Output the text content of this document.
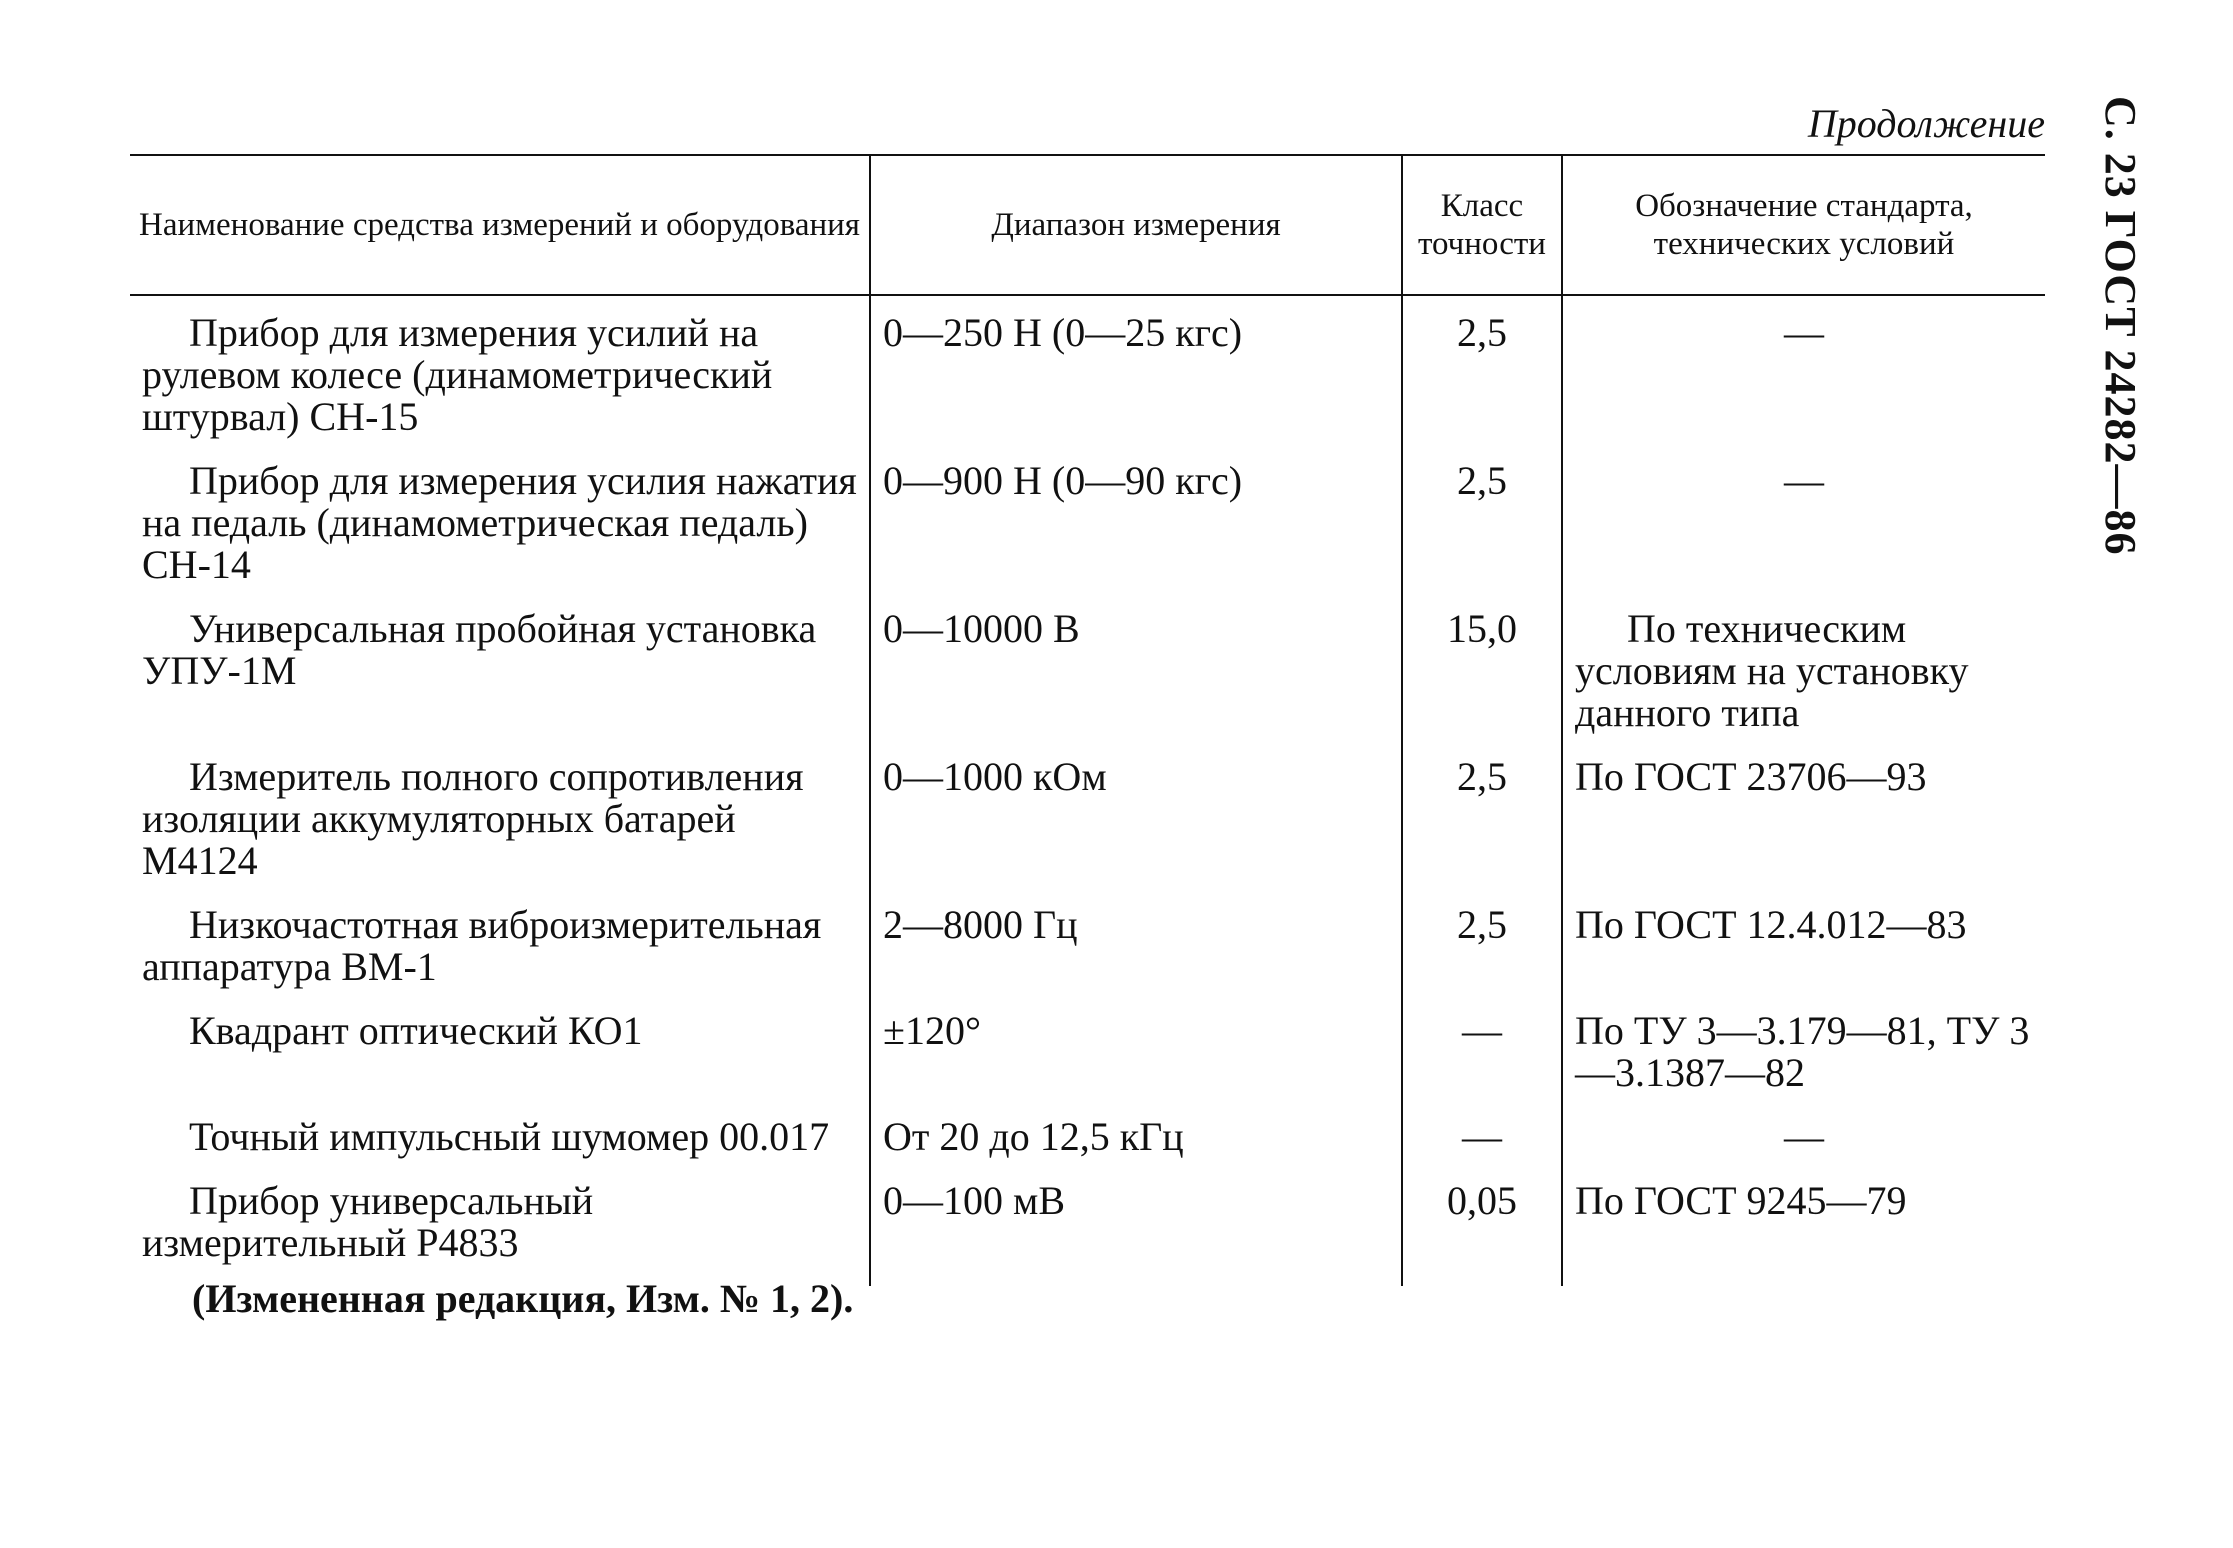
Продолжение С. 23 ГОСТ 24282—86
Наименование средства измерений и оборудования	Диапазон измерения	Класс точности	Обозначение стандарта, технических условий
Прибор для измерения усилий на рулевом колесе (динамометрический штурвал) СН-15	0—250 Н (0—25 кгс)	2,5	—
Прибор для измерения усилия нажатия на педаль (динамометрическая педаль) СН-14	0—900 Н (0—90 кгс)	2,5	—
Универсальная пробойная установка УПУ-1М	0—10000 В	15,0	По техническим условиям на установку данного типа
Измеритель полного сопротивления изоляции аккумуляторных батарей М4124	0—1000 кОм	2,5	По ГОСТ 23706—93
Низкочастотная виброизмерительная аппаратура ВМ-1	2—8000 Гц	2,5	По ГОСТ 12.4.012—83
Квадрант оптический КО1	±120°	—	По ТУ 3—3.179—81, ТУ 3—3.1387—82
Точный импульсный шумомер 00.017	От 20 до 12,5 кГц	—	—
Прибор универсальный измерительный Р4833	0—100 мВ	0,05	По ГОСТ 9245—79
(Измененная редакция, Изм. № 1, 2).
